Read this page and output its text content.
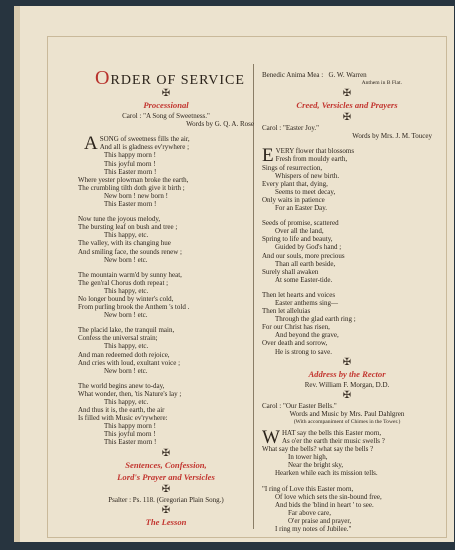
ORDER OF SERVICE
✠
Processional
Carol : "A Song of Sweetness."
Words by G. Q. A. Rose
A SONG of sweetness fills the air,
And all is gladness ev'rywhere ;
This happy morn !
This joyful morn !
This Easter morn !
Where yester plowman broke the earth,
The crumbling tilth doth give it birth ;
New born ! new born !
This Easter morn !
Now tune the joyous melody,
The bursting leaf on bush and tree ;
This happy, etc.
The valley, with its changing hue
And smiling face, the sounds renew ;
New born ! etc.
The mountain warm'd by sunny heat,
The gen'ral Chorus doth repeat ;
This happy, etc.
No longer bound by winter's cold,
From purling brook the Anthem 's told .
New born ! etc.
The placid lake, the tranquil main,
Confess the universal strain;
This happy, etc.
And man redeemed doth rejoice,
And cries with loud, exultant voice ;
New born ! etc.
The world begins anew to-day,
What wonder, then, 'tis Nature's lay ;
This happy, etc.
And thus it is, the earth, the air
Is filled with Music ev'rywhere:
This happy morn !
This joyful morn !
This Easter morn !
✠
Sentences, Confession,
Lord's Prayer and Versicles
✠
Psalter : Ps. 118. (Gregorian Plain Song.)
✠
The Lesson
Benedic Anima Mea : G. W. Warren
Anthem in B Flat.
✠
Creed, Versicles and Prayers
✠
Carol : "Easter Joy."
Words by Mrs. J. M. Toucey
E VERY flower that blossoms
Fresh from mouldy earth,
Sings of resurrection,
Whispers of new birth.
Every plant that, dying,
Seems to meet decay,
Only waits in patience
For an Easter Day.
Seeds of promise, scattered
Over all the land,
Spring to life and beauty,
Guided by God's hand ;
And our souls, more precious
Than all earth beside,
Surely shall awaken
At some Easter-tide.
Then let hearts and voices
Easter anthems sing—
Then let alleluias
Through the glad earth ring ;
For our Christ has risen,
And beyond the grave,
Over death and sorrow,
He is strong to save.
✠
Address by the Rector
Rev. William F. Morgan, D.D.
✠
Carol : "Our Easter Bells."
Words and Music by Mrs. Paul Dahlgren
(With accompaniment of Chimes in the Tower.)
W HAT say the bells this Easter morn,
As o'er the earth their music swells ?
What say the bells? what say the bells ?
In tower high,
Near the bright sky,
Hearken while each its mission tells.
"I ring of Love this Easter morn,
Of love which sets the sin-bound free,
And bids the 'blind in heart ' to see.
Far above care,
O'er praise and prayer,
I ring my notes of Jubilee."
